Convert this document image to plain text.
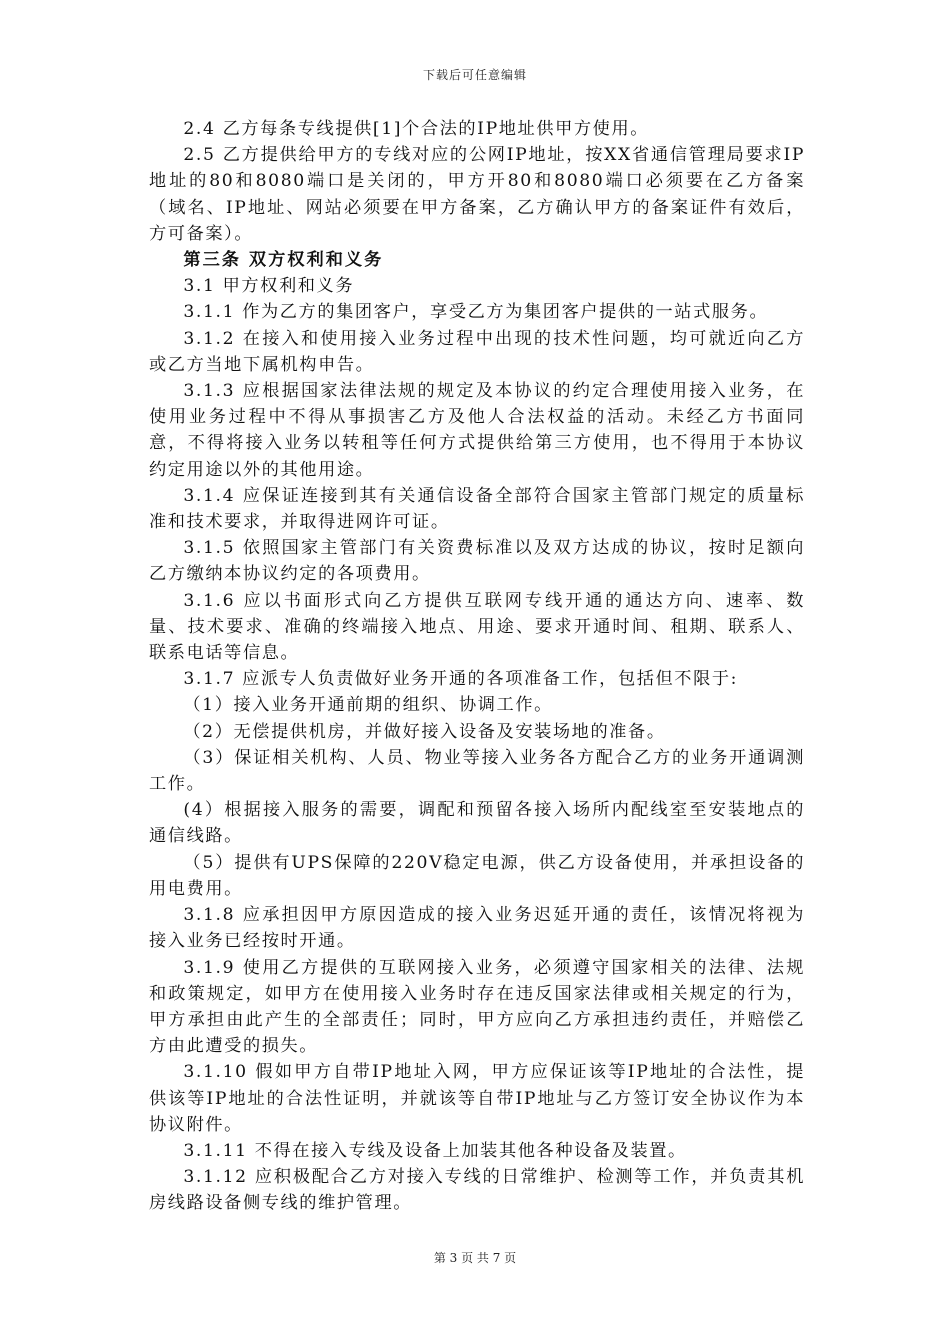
下载后可任意编辑

2.4 乙方每条专线提供[1]个合法的IP地址供甲方使用。

2.5 乙方提供给甲方的专线对应的公网IP地址，按XX省通信管理局要求IP地址的80和8080端口是关闭的，甲方开80和8080端口必须要在乙方备案（域名、IP地址、网站必须要在甲方备案，乙方确认甲方的备案证件有效后，方可备案）。

第三条 双方权利和义务

3.1 甲方权利和义务

3.1.1 作为乙方的集团客户，享受乙方为集团客户提供的一站式服务。

3.1.2 在接入和使用接入业务过程中出现的技术性问题，均可就近向乙方或乙方当地下属机构申告。

3.1.3 应根据国家法律法规的规定及本协议的约定合理使用接入业务，在使用业务过程中不得从事损害乙方及他人合法权益的活动。未经乙方书面同意，不得将接入业务以转租等任何方式提供给第三方使用，也不得用于本协议约定用途以外的其他用途。

3.1.4 应保证连接到其有关通信设备全部符合国家主管部门规定的质量标准和技术要求，并取得进网许可证。

3.1.5 依照国家主管部门有关资费标准以及双方达成的协议，按时足额向乙方缴纳本协议约定的各项费用。

3.1.6 应以书面形式向乙方提供互联网专线开通的通达方向、速率、数量、技术要求、准确的终端接入地点、用途、要求开通时间、租期、联系人、联系电话等信息。

3.1.7 应派专人负责做好业务开通的各项准备工作，包括但不限于:

（1）接入业务开通前期的组织、协调工作。

（2）无偿提供机房，并做好接入设备及安装场地的准备。

（3）保证相关机构、人员、物业等接入业务各方配合乙方的业务开通调测工作。

(4）根据接入服务的需要，调配和预留各接入场所内配线室至安装地点的通信线路。

（5）提供有UPS保障的220V稳定电源，供乙方设备使用，并承担设备的用电费用。

3.1.8 应承担因甲方原因造成的接入业务迟延开通的责任，该情况将视为接入业务已经按时开通。

3.1.9 使用乙方提供的互联网接入业务，必须遵守国家相关的法律、法规和政策规定，如甲方在使用接入业务时存在违反国家法律或相关规定的行为，甲方承担由此产生的全部责任；同时，甲方应向乙方承担违约责任，并赔偿乙方由此遭受的损失。

3.1.10 假如甲方自带IP地址入网，甲方应保证该等IP地址的合法性，提供该等IP地址的合法性证明，并就该等自带IP地址与乙方签订安全协议作为本协议附件。

3.1.11 不得在接入专线及设备上加装其他各种设备及装置。

3.1.12 应积极配合乙方对接入专线的日常维护、检测等工作，并负责其机房线路设备侧专线的维护管理。

第 3 页 共 7 页
